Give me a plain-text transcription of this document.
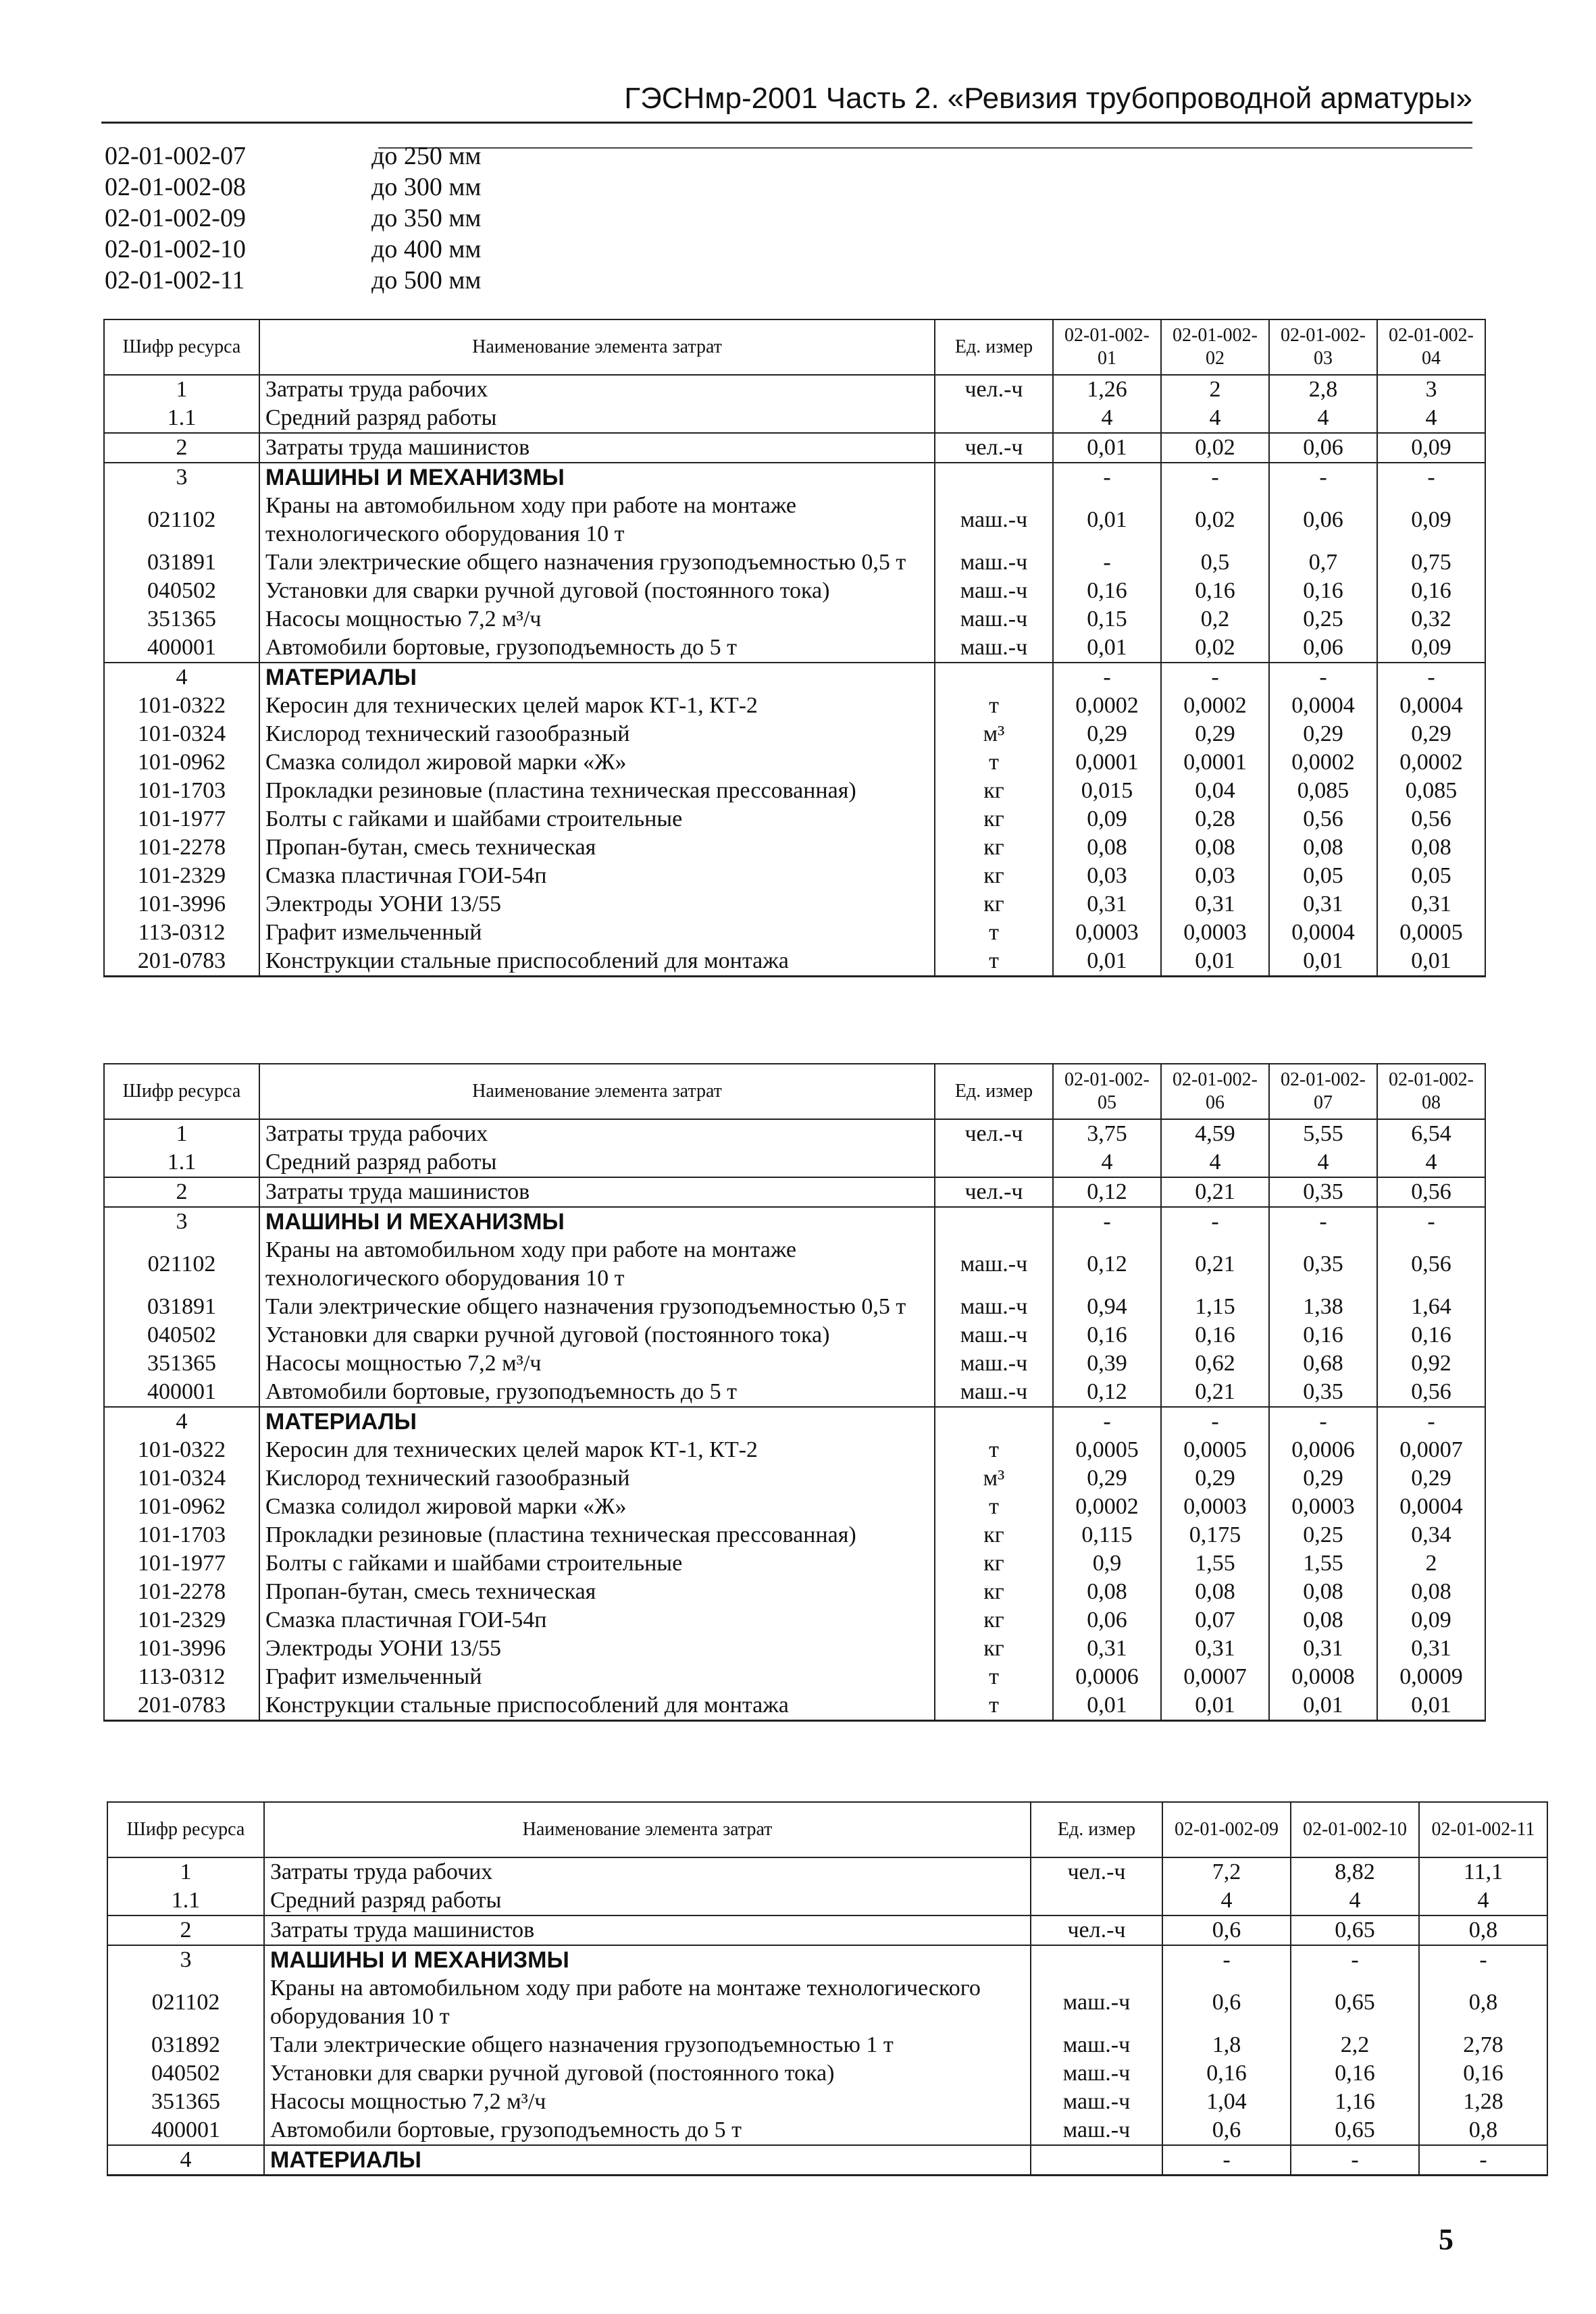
ГЭСНмр-2001 Часть 2. «Ревизия трубопроводной арматуры»
02-01-002-07	до 250 мм
02-01-002-08	до 300 мм
02-01-002-09	до 350 мм
02-01-002-10	до 400 мм
02-01-002-11	до 500 мм
Шифр ресурса	Наименование элемента затрат	Ед. измер	02-01-002-01	02-01-002-02	02-01-002-03	02-01-002-04
1	Затраты труда рабочих	чел.-ч	1,26	2	2,8	3
1.1	Средний разряд работы		4	4	4	4
2	Затраты труда машинистов	чел.-ч	0,01	0,02	0,06	0,09
3	МАШИНЫ И МЕХАНИЗМЫ		-	-	-	-
021102	Краны на автомобильном ходу при работе на монтаже технологического оборудования 10 т	маш.-ч	0,01	0,02	0,06	0,09
031891	Тали электрические общего назначения грузоподъемностью 0,5 т	маш.-ч	-	0,5	0,7	0,75
040502	Установки для сварки ручной дуговой (постоянного тока)	маш.-ч	0,16	0,16	0,16	0,16
351365	Насосы мощностью 7,2 м³/ч	маш.-ч	0,15	0,2	0,25	0,32
400001	Автомобили бортовые, грузоподъемность до 5 т	маш.-ч	0,01	0,02	0,06	0,09
4	МАТЕРИАЛЫ		-	-	-	-
101-0322	Керосин для технических целей марок КТ-1, КТ-2	т	0,0002	0,0002	0,0004	0,0004
101-0324	Кислород технический газообразный	м³	0,29	0,29	0,29	0,29
101-0962	Смазка солидол жировой марки «Ж»	т	0,0001	0,0001	0,0002	0,0002
101-1703	Прокладки резиновые (пластина техническая прессованная)	кг	0,015	0,04	0,085	0,085
101-1977	Болты с гайками и шайбами строительные	кг	0,09	0,28	0,56	0,56
101-2278	Пропан-бутан, смесь техническая	кг	0,08	0,08	0,08	0,08
101-2329	Смазка пластичная ГОИ-54п	кг	0,03	0,03	0,05	0,05
101-3996	Электроды УОНИ 13/55	кг	0,31	0,31	0,31	0,31
113-0312	Графит измельченный	т	0,0003	0,0003	0,0004	0,0005
201-0783	Конструкции стальные приспособлений для монтажа	т	0,01	0,01	0,01	0,01
Шифр ресурса	Наименование элемента затрат	Ед. измер	02-01-002-05	02-01-002-06	02-01-002-07	02-01-002-08
1	Затраты труда рабочих	чел.-ч	3,75	4,59	5,55	6,54
1.1	Средний разряд работы		4	4	4	4
2	Затраты труда машинистов	чел.-ч	0,12	0,21	0,35	0,56
3	МАШИНЫ И МЕХАНИЗМЫ		-	-	-	-
021102	Краны на автомобильном ходу при работе на монтаже технологического оборудования 10 т	маш.-ч	0,12	0,21	0,35	0,56
031891	Тали электрические общего назначения грузоподъемностью 0,5 т	маш.-ч	0,94	1,15	1,38	1,64
040502	Установки для сварки ручной дуговой (постоянного тока)	маш.-ч	0,16	0,16	0,16	0,16
351365	Насосы мощностью 7,2 м³/ч	маш.-ч	0,39	0,62	0,68	0,92
400001	Автомобили бортовые, грузоподъемность до 5 т	маш.-ч	0,12	0,21	0,35	0,56
4	МАТЕРИАЛЫ		-	-	-	-
101-0322	Керосин для технических целей марок КТ-1, КТ-2	т	0,0005	0,0005	0,0006	0,0007
101-0324	Кислород технический газообразный	м³	0,29	0,29	0,29	0,29
101-0962	Смазка солидол жировой марки «Ж»	т	0,0002	0,0003	0,0003	0,0004
101-1703	Прокладки резиновые (пластина техническая прессованная)	кг	0,115	0,175	0,25	0,34
101-1977	Болты с гайками и шайбами строительные	кг	0,9	1,55	1,55	2
101-2278	Пропан-бутан, смесь техническая	кг	0,08	0,08	0,08	0,08
101-2329	Смазка пластичная ГОИ-54п	кг	0,06	0,07	0,08	0,09
101-3996	Электроды УОНИ 13/55	кг	0,31	0,31	0,31	0,31
113-0312	Графит измельченный	т	0,0006	0,0007	0,0008	0,0009
201-0783	Конструкции стальные приспособлений для монтажа	т	0,01	0,01	0,01	0,01
Шифр ресурса	Наименование элемента затрат	Ед. измер	02-01-002-09	02-01-002-10	02-01-002-11
1	Затраты труда рабочих	чел.-ч	7,2	8,82	11,1
1.1	Средний разряд работы		4	4	4
2	Затраты труда машинистов	чел.-ч	0,6	0,65	0,8
3	МАШИНЫ И МЕХАНИЗМЫ		-	-	-
021102	Краны на автомобильном ходу при работе на монтаже технологического оборудования 10 т	маш.-ч	0,6	0,65	0,8
031892	Тали электрические общего назначения грузоподъемностью 1 т	маш.-ч	1,8	2,2	2,78
040502	Установки для сварки ручной дуговой (постоянного тока)	маш.-ч	0,16	0,16	0,16
351365	Насосы мощностью 7,2 м³/ч	маш.-ч	1,04	1,16	1,28
400001	Автомобили бортовые, грузоподъемность до 5 т	маш.-ч	0,6	0,65	0,8
4	МАТЕРИАЛЫ		-	-	-
5
